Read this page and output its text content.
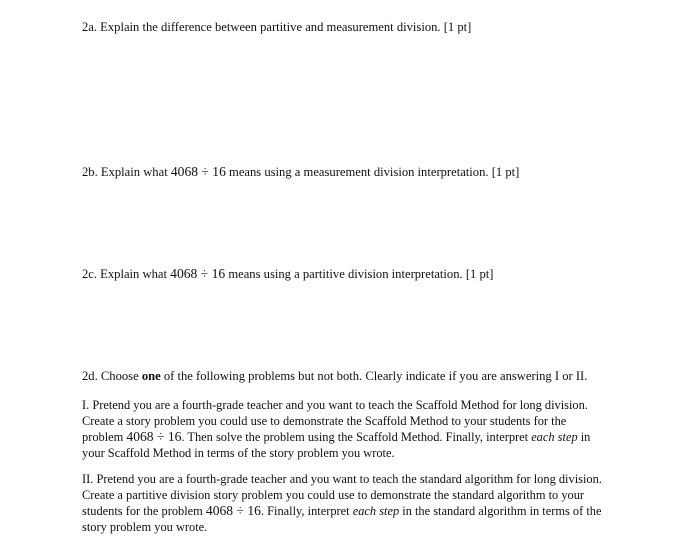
2a. Explain the difference between partitive and measurement division. [1 pt]

2b. Explain what 4068 ÷ 16 means using a measurement division interpretation. [1 pt]

2c. Explain what 4068 ÷ 16 means using a partitive division interpretation. [1 pt]

2d. Choose one of the following problems but not both. Clearly indicate if you are answering I or II.

I. Pretend you are a fourth-grade teacher and you want to teach the Scaffold Method for long division.
Create a story problem you could use to demonstrate the Scaffold Method to your students for the
problem 4068 ÷ 16. Then solve the problem using the Scaffold Method. Finally, interpret each step in
your Scaffold Method in terms of the story problem you wrote.
II. Pretend you are a fourth-grade teacher and you want to teach the standard algorithm for long division.
Create a partitive division story problem you could use to demonstrate the standard algorithm to your
students for the problem 4068 ÷ 16. Finally, interpret each step in the standard algorithm in terms of the
story problem you wrote.
